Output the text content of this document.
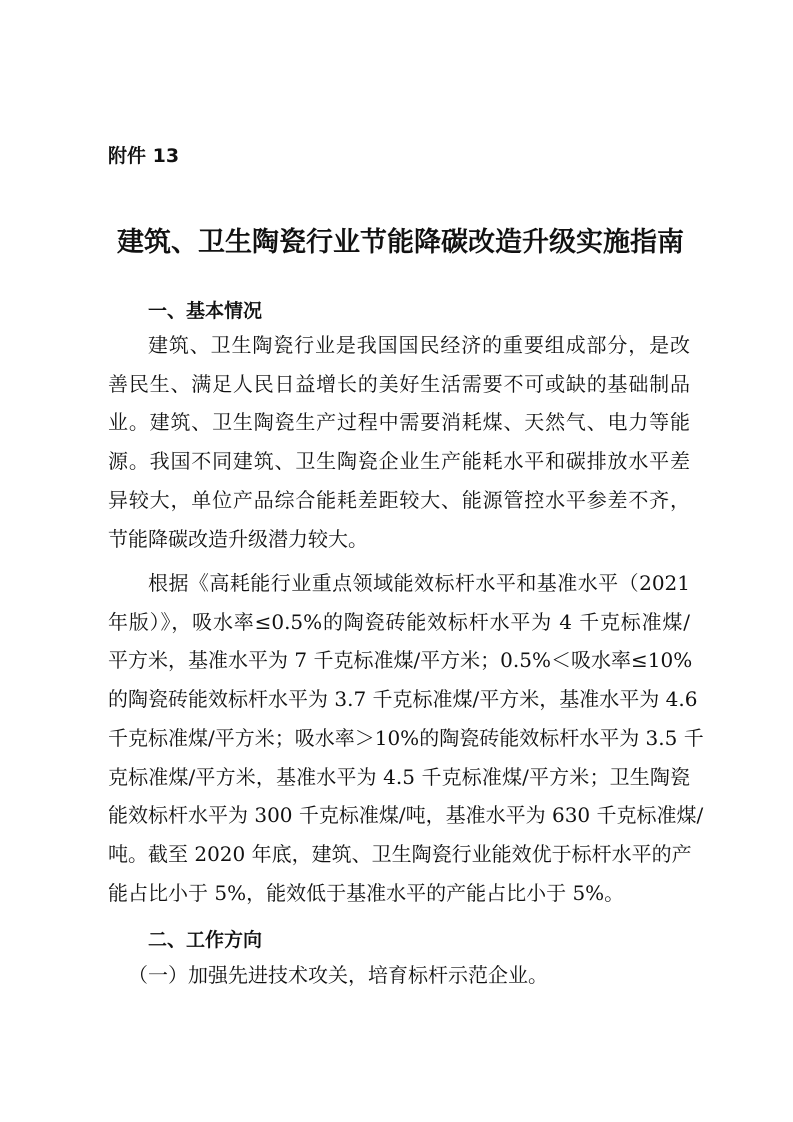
附件 13
建筑、卫生陶瓷行业节能降碳改造升级实施指南
一、基本情况
建筑、卫生陶瓷行业是我国国民经济的重要组成部分，是改
善民生、满足人民日益增长的美好生活需要不可或缺的基础制品
业。建筑、卫生陶瓷生产过程中需要消耗煤、天然气、电力等能
源。我国不同建筑、卫生陶瓷企业生产能耗水平和碳排放水平差
异较大，单位产品综合能耗差距较大、能源管控水平参差不齐，
节能降碳改造升级潜力较大。
根据《高耗能行业重点领域能效标杆水平和基准水平（2021
年版）》，吸水率≤0.5%的陶瓷砖能效标杆水平为 4 千克标准煤/
平方米，基准水平为 7 千克标准煤/平方米；0.5%＜吸水率≤10%
的陶瓷砖能效标杆水平为 3.7 千克标准煤/平方米，基准水平为 4.6
千克标准煤/平方米；吸水率＞10%的陶瓷砖能效标杆水平为 3.5 千
克标准煤/平方米，基准水平为 4.5 千克标准煤/平方米；卫生陶瓷
能效标杆水平为 300 千克标准煤/吨，基准水平为 630 千克标准煤/
吨。截至 2020 年底，建筑、卫生陶瓷行业能效优于标杆水平的产
能占比小于 5%，能效低于基准水平的产能占比小于 5%。
二、工作方向
（一）加强先进技术攻关，培育标杆示范企业。
